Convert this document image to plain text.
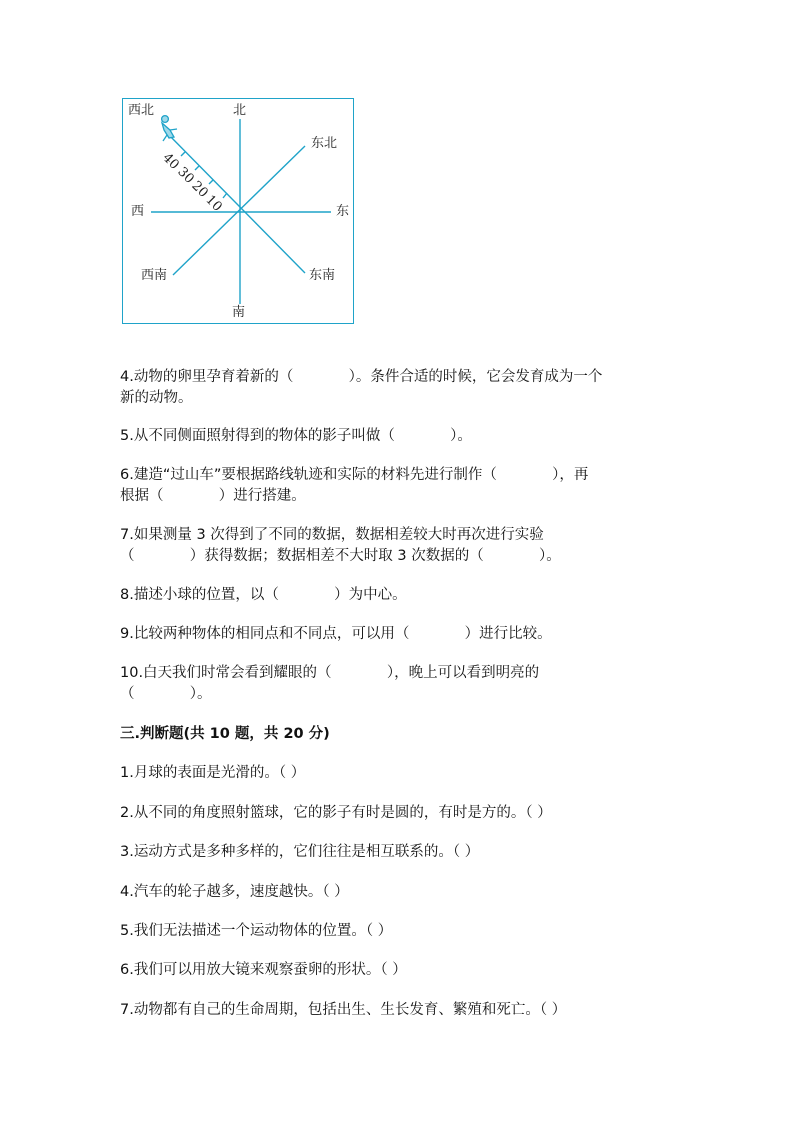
西北	北
东北
西	东
西南	东南
南
40
30
20
10
4.动物的卵里孕育着新的（            ）。条件合适的时候，它会发育成为一个
新的动物。
5.从不同侧面照射得到的物体的影子叫做（            ）。
6.建造“过山车”要根据路线轨迹和实际的材料先进行制作（            ），再
根据（            ）进行搭建。
7.如果测量 3 次得到了不同的数据，数据相差较大时再次进行实验
（            ）获得数据；数据相差不大时取 3 次数据的（            ）。
8.描述小球的位置，以（            ）为中心。
9.比较两种物体的相同点和不同点，可以用（            ）进行比较。
10.白天我们时常会看到耀眼的（            ），晚上可以看到明亮的
（            ）。
三.判断题(共 10 题，共 20 分)
1.月球的表面是光滑的。（ ）
2.从不同的角度照射篮球，它的影子有时是圆的，有时是方的。（ ）
3.运动方式是多种多样的，它们往往是相互联系的。（ ）
4.汽车的轮子越多，速度越快。（ ）
5.我们无法描述一个运动物体的位置。（ ）
6.我们可以用放大镜来观察蚕卵的形状。（ ）
7.动物都有自己的生命周期，包括出生、生长发育、繁殖和死亡。（ ）
